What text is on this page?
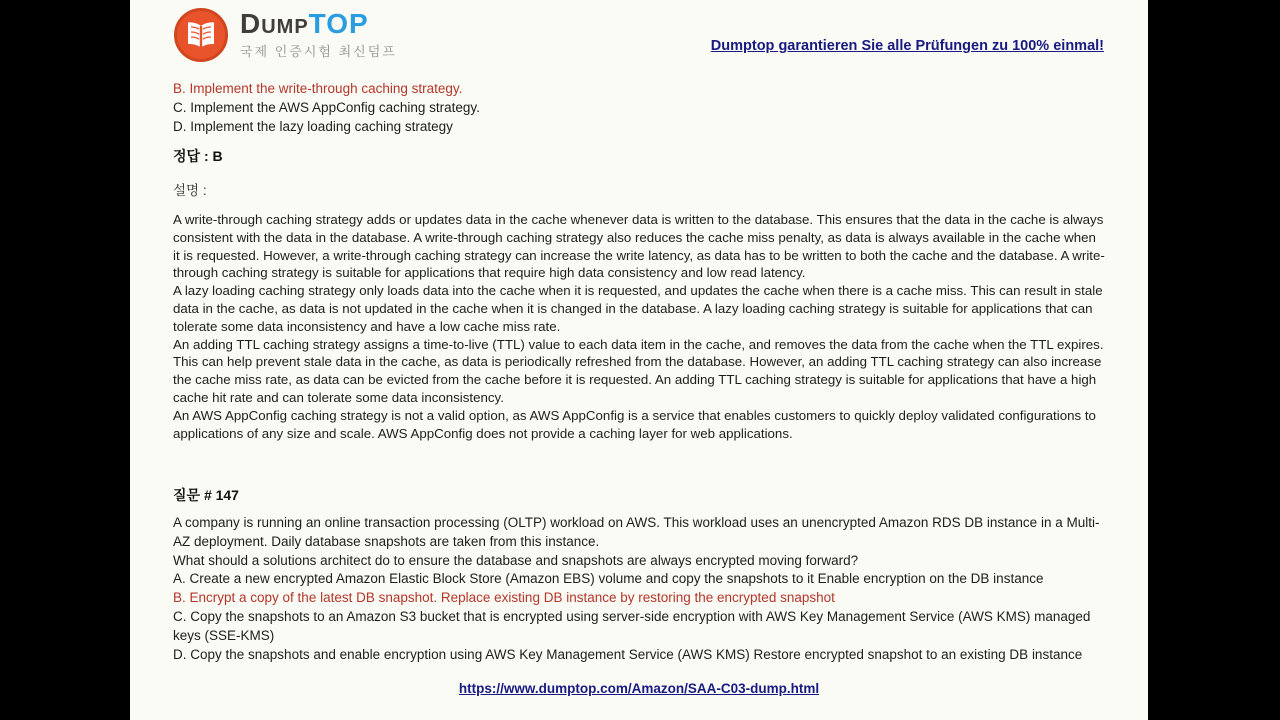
DumpTOP
국제 인증시험 최신덤프	Dumptop garantieren Sie alle Prüfungen zu 100% einmal!
B. Implement the write-through caching strategy.
C. Implement the AWS AppConfig caching strategy.
D. Implement the lazy loading caching strategy
정답 : B
설명 :

A write-through caching strategy adds or updates data in the cache whenever data is written to the database. This ensures that the data in the cache is always consistent with the data in the database. A write-through caching strategy also reduces the cache miss penalty, as data is always available in the cache when it is requested. However, a write-through caching strategy can increase the write latency, as data has to be written to both the cache and the database. A write-through caching strategy is suitable for applications that require high data consistency and low read latency.

A lazy loading caching strategy only loads data into the cache when it is requested, and updates the cache when there is a cache miss. This can result in stale data in the cache, as data is not updated in the cache when it is changed in the database. A lazy loading caching strategy is suitable for applications that can tolerate some data inconsistency and have a low cache miss rate.

An adding TTL caching strategy assigns a time-to-live (TTL) value to each data item in the cache, and removes the data from the cache when the TTL expires. This can help prevent stale data in the cache, as data is periodically refreshed from the database. However, an adding TTL caching strategy can also increase the cache miss rate, as data can be evicted from the cache before it is requested. An adding TTL caching strategy is suitable for applications that have a high cache hit rate and can tolerate some data inconsistency.

An AWS AppConfig caching strategy is not a valid option, as AWS AppConfig is a service that enables customers to quickly deploy validated configurations to applications of any size and scale. AWS AppConfig does not provide a caching layer for web applications.

질문 # 147

A company is running an online transaction processing (OLTP) workload on AWS. This workload uses an unencrypted Amazon RDS DB instance in a Multi-AZ deployment. Daily database snapshots are taken from this instance.

What should a solutions architect do to ensure the database and snapshots are always encrypted moving forward?

A. Create a new encrypted Amazon Elastic Block Store (Amazon EBS) volume and copy the snapshots to it Enable encryption on the DB instance
B. Encrypt a copy of the latest DB snapshot. Replace existing DB instance by restoring the encrypted snapshot
C. Copy the snapshots to an Amazon S3 bucket that is encrypted using server-side encryption with AWS Key Management Service (AWS KMS) managed keys (SSE-KMS)
D. Copy the snapshots and enable encryption using AWS Key Management Service (AWS KMS) Restore encrypted snapshot to an existing DB instance
https://www.dumptop.com/Amazon/SAA-C03-dump.html
